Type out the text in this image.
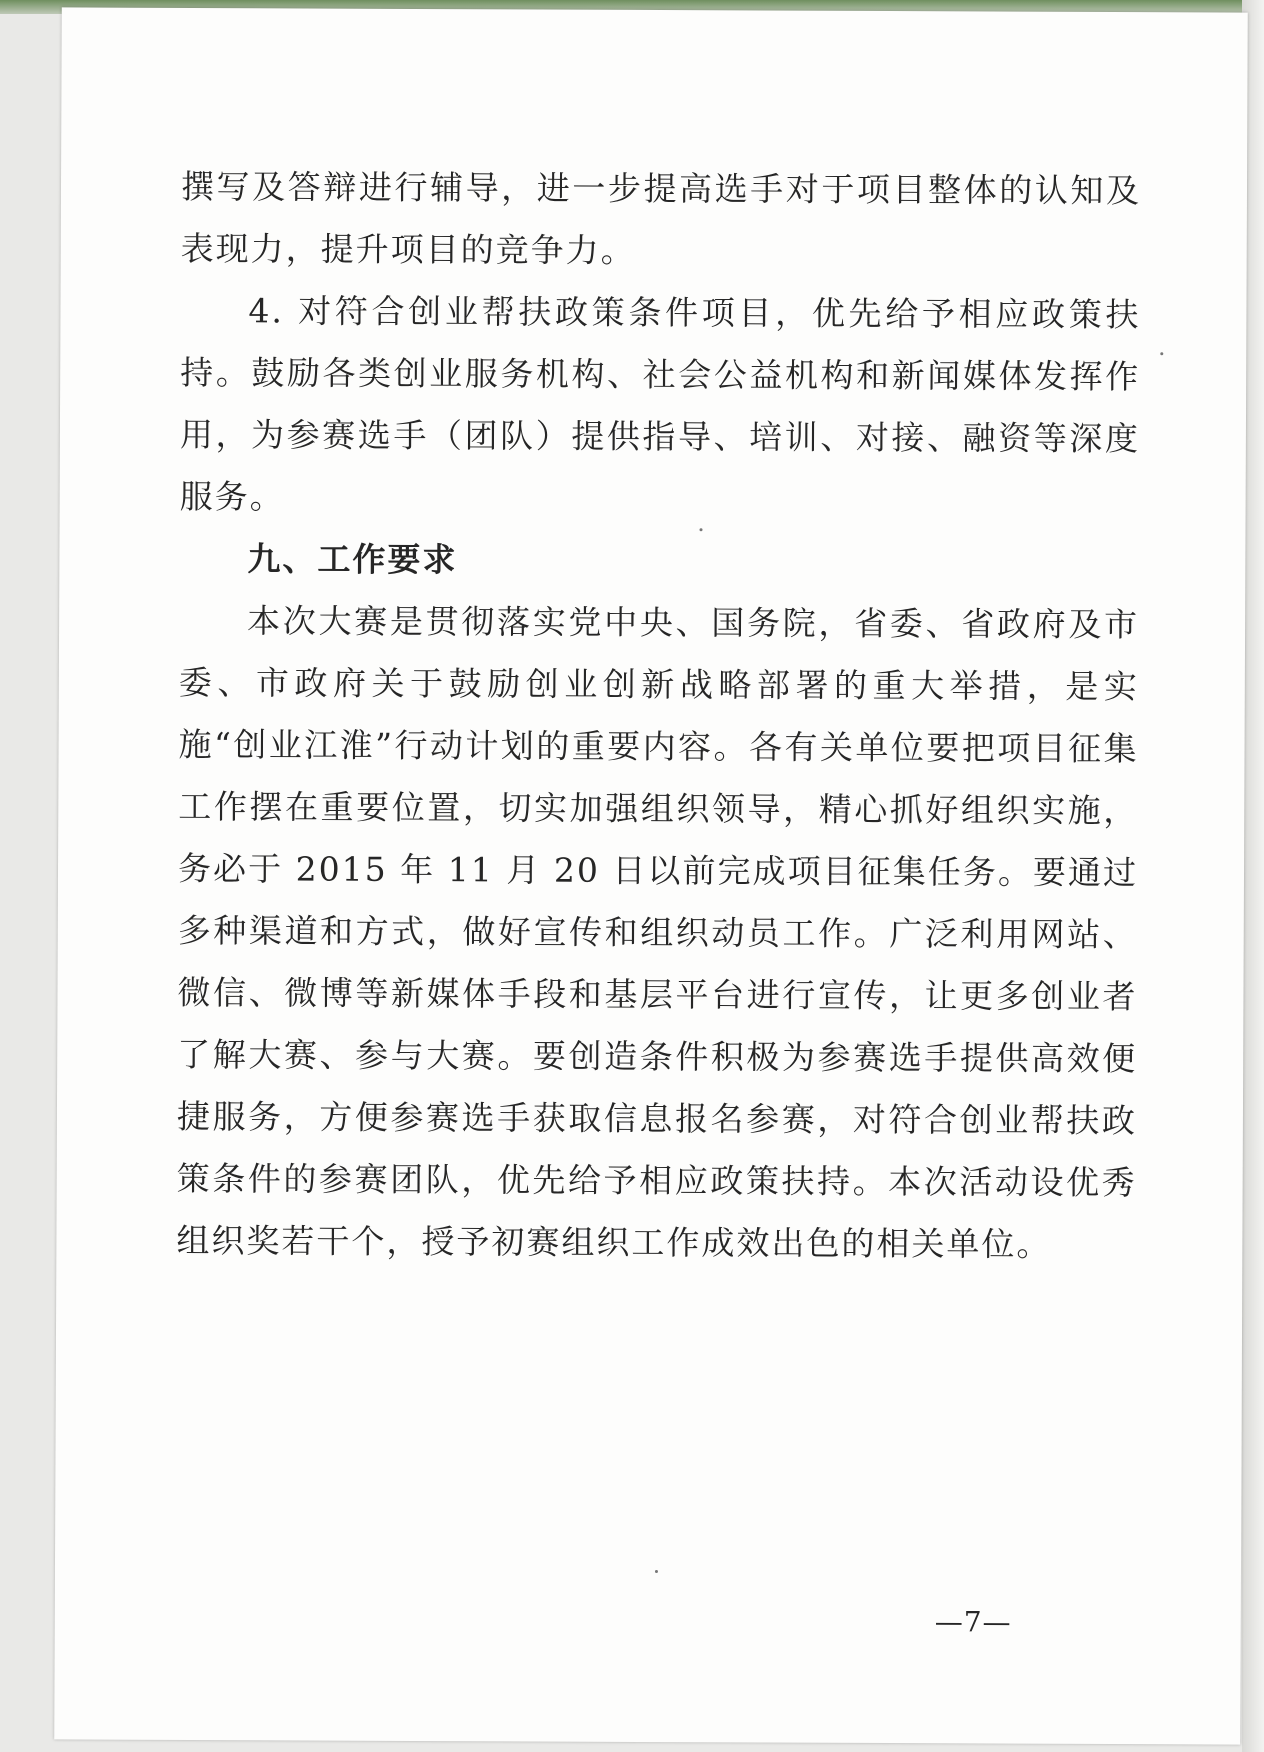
撰写及答辩进行辅导，进一步提高选手对于项目整体的认知及表现力，提升项目的竞争力。

4. 对符合创业帮扶政策条件项目，优先给予相应政策扶持。鼓励各类创业服务机构、社会公益机构和新闻媒体发挥作用，为参赛选手（团队）提供指导、培训、对接、融资等深度服务。

九、工作要求

本次大赛是贯彻落实党中央、国务院，省委、省政府及市委、市政府关于鼓励创业创新战略部署的重大举措，是实施“创业江淮”行动计划的重要内容。各有关单位要把项目征集工作摆在重要位置，切实加强组织领导，精心抓好组织实施，务必于 2015 年 11 月 20 日以前完成项目征集任务。要通过多种渠道和方式，做好宣传和组织动员工作。广泛利用网站、微信、微博等新媒体手段和基层平台进行宣传，让更多创业者了解大赛、参与大赛。要创造条件积极为参赛选手提供高效便捷服务，方便参赛选手获取信息报名参赛，对符合创业帮扶政策条件的参赛团队，优先给予相应政策扶持。本次活动设优秀组织奖若干个，授予初赛组织工作成效出色的相关单位。

—7—
